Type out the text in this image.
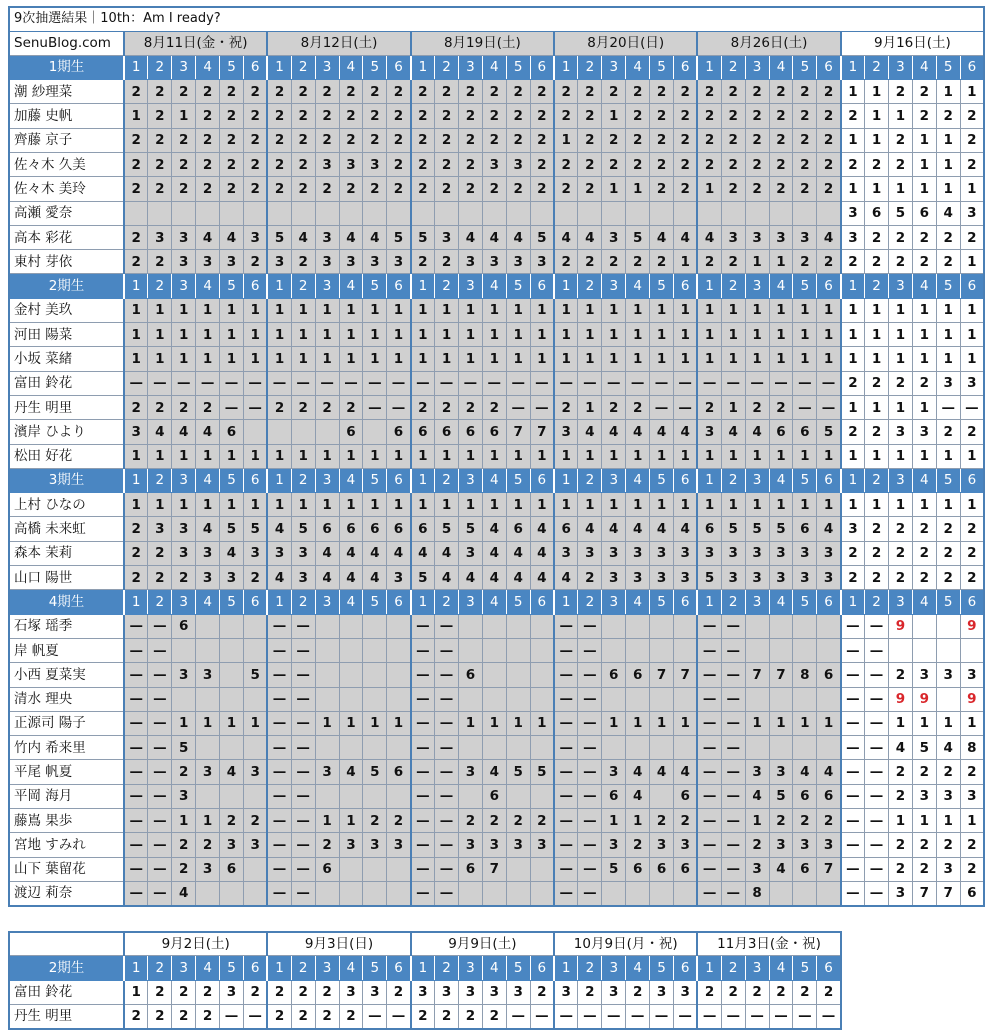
9次抽選結果｜10th：Am I ready?																																				
SenuBlog.com	8月11日(金・祝)						8月12日(土)						8月19日(土)						8月20日(日)						8月26日(土)						9月16日(土)					
1期生	1	2	3	4	5	6	1	2	3	4	5	6	1	2	3	4	5	6	1	2	3	4	5	6	1	2	3	4	5	6	1	2	3	4	5	6
潮 紗理菜	2	2	2	2	2	2	2	2	2	2	2	2	2	2	2	2	2	2	2	2	2	2	2	2	2	2	2	2	2	2	1	1	2	2	1	1
加藤 史帆	1	2	1	2	2	2	2	2	2	2	2	2	2	2	2	2	2	2	2	2	1	2	2	2	2	2	2	2	2	2	2	1	1	2	2	2
齊藤 京子	2	2	2	2	2	2	2	2	2	2	2	2	2	2	2	2	2	2	1	2	2	2	2	2	2	2	2	2	2	2	1	1	2	1	1	2
佐々木 久美	2	2	2	2	2	2	2	2	3	3	3	2	2	2	2	3	3	2	2	2	2	2	2	2	2	2	2	2	2	2	2	2	2	1	1	2
佐々木 美玲	2	2	2	2	2	2	2	2	2	2	2	2	2	2	2	2	2	2	2	2	1	1	2	2	1	2	2	2	2	2	1	1	1	1	1	1
高瀬 愛奈																															3	6	5	6	4	3
高本 彩花	2	3	3	4	4	3	5	4	3	4	4	5	5	3	4	4	4	5	4	4	3	5	4	4	4	3	3	3	3	4	3	2	2	2	2	2
東村 芽依	2	2	3	3	3	2	3	2	3	3	3	3	2	2	3	3	3	3	2	2	2	2	2	1	2	2	1	1	2	2	2	2	2	2	2	1
2期生	1	2	3	4	5	6	1	2	3	4	5	6	1	2	3	4	5	6	1	2	3	4	5	6	1	2	3	4	5	6	1	2	3	4	5	6
金村 美玖	1	1	1	1	1	1	1	1	1	1	1	1	1	1	1	1	1	1	1	1	1	1	1	1	1	1	1	1	1	1	1	1	1	1	1	1
河田 陽菜	1	1	1	1	1	1	1	1	1	1	1	1	1	1	1	1	1	1	1	1	1	1	1	1	1	1	1	1	1	1	1	1	1	1	1	1
小坂 菜緒	1	1	1	1	1	1	1	1	1	1	1	1	1	1	1	1	1	1	1	1	1	1	1	1	1	1	1	1	1	1	1	1	1	1	1	1
富田 鈴花	—	—	—	—	—	—	—	—	—	—	—	—	—	—	—	—	—	—	—	—	—	—	—	—	—	—	—	—	—	—	2	2	2	2	3	3
丹生 明里	2	2	2	2	—	—	2	2	2	2	—	—	2	2	2	2	—	—	2	1	2	2	—	—	2	1	2	2	—	—	1	1	1	1	—	—
濱岸 ひより	3	4	4	4	6					6		6	6	6	6	6	7	7	3	4	4	4	4	4	3	4	4	6	6	5	2	2	3	3	2	2
松田 好花	1	1	1	1	1	1	1	1	1	1	1	1	1	1	1	1	1	1	1	1	1	1	1	1	1	1	1	1	1	1	1	1	1	1	1	1
3期生	1	2	3	4	5	6	1	2	3	4	5	6	1	2	3	4	5	6	1	2	3	4	5	6	1	2	3	4	5	6	1	2	3	4	5	6
上村 ひなの	1	1	1	1	1	1	1	1	1	1	1	1	1	1	1	1	1	1	1	1	1	1	1	1	1	1	1	1	1	1	1	1	1	1	1	1
高橋 未来虹	2	3	3	4	5	5	4	5	6	6	6	6	6	5	5	4	6	4	6	4	4	4	4	4	6	5	5	5	6	4	3	2	2	2	2	2
森本 茉莉	2	2	3	3	4	3	3	3	4	4	4	4	4	4	3	4	4	4	3	3	3	3	3	3	3	3	3	3	3	3	2	2	2	2	2	2
山口 陽世	2	2	2	3	3	2	4	3	4	4	4	3	5	4	4	4	4	4	4	2	3	3	3	3	5	3	3	3	3	3	2	2	2	2	2	2
4期生	1	2	3	4	5	6	1	2	3	4	5	6	1	2	3	4	5	6	1	2	3	4	5	6	1	2	3	4	5	6	1	2	3	4	5	6
石塚 瑶季	—	—	6				—	—					—	—					—	—					—	—					—	—	9			9
岸 帆夏	—	—					—	—					—	—					—	—					—	—					—	—				
小西 夏菜実	—	—	3	3		5	—	—					—	—	6				—	—	6	6	7	7	—	—	7	7	8	6	—	—	2	3	3	3
清水 理央	—	—					—	—					—	—					—	—					—	—					—	—	9	9		9
正源司 陽子	—	—	1	1	1	1	—	—	1	1	1	1	—	—	1	1	1	1	—	—	1	1	1	1	—	—	1	1	1	1	—	—	1	1	1	1
竹内 希来里	—	—	5				—	—					—	—					—	—					—	—					—	—	4	5	4	8
平尾 帆夏	—	—	2	3	4	3	—	—	3	4	5	6	—	—	3	4	5	5	—	—	3	4	4	4	—	—	3	3	4	4	—	—	2	2	2	2
平岡 海月	—	—	3				—	—					—	—		6			—	—	6	4		6	—	—	4	5	6	6	—	—	2	3	3	3
藤嶌 果歩	—	—	1	1	2	2	—	—	1	1	2	2	—	—	2	2	2	2	—	—	1	1	2	2	—	—	1	2	2	2	—	—	1	1	1	1
宮地 すみれ	—	—	2	2	3	3	—	—	2	3	3	3	—	—	3	3	3	3	—	—	3	2	3	3	—	—	2	3	3	3	—	—	2	2	2	2
山下 葉留花	—	—	2	3	6		—	—	6				—	—	6	7			—	—	5	6	6	6	—	—	3	4	6	7	—	—	2	2	3	2
渡辺 莉奈	—	—	4				—	—					—	—					—	—					—	—	8				—	—	3	7	7	6
	9月2日(土)						9月3日(日)						9月9日(土)						10月9日(月・祝)						11月3日(金・祝)					
2期生	1	2	3	4	5	6	1	2	3	4	5	6	1	2	3	4	5	6	1	2	3	4	5	6	1	2	3	4	5	6
富田 鈴花	1	2	2	2	3	2	2	2	2	3	3	2	3	3	3	3	3	2	3	2	3	2	3	3	2	2	2	2	2	2
丹生 明里	2	2	2	2	—	—	2	2	2	2	—	—	2	2	2	2	—	—	—	—	—	—	—	—	—	—	—	—	—	—
